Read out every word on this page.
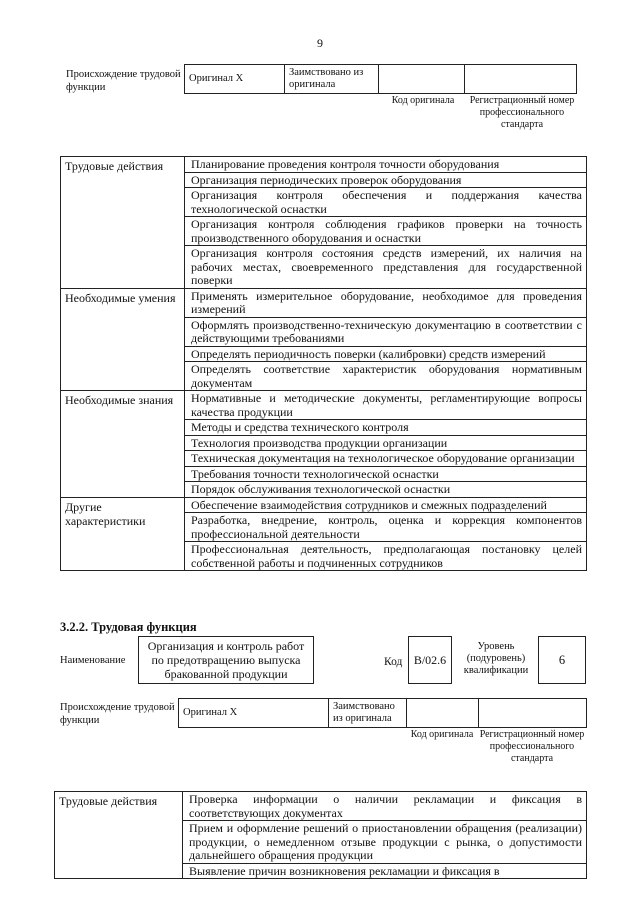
9
Происхождение трудовой функции
Оригинал X	Заимствовано из оригинала		
Код оригинала	Регистрационный номер профессионального стандарта
Трудовые действия	Планирование проведения контроля точности оборудования
	Организация периодических проверок оборудования
	Организация контроля обеспечения и поддержания качества технологической оснастки
	Организация контроля соблюдения графиков проверки на точность производственного оборудования и оснастки
	Организация контроля состояния средств измерений, их наличия на рабочих местах, своевременного представления для государственной поверки
Необходимые умения	Применять измерительное оборудование, необходимое для проведения измерений
	Оформлять производственно-техническую документацию в соответствии с действующими требованиями
	Определять периодичность поверки (калибровки) средств измерений
	Определять соответствие характеристик оборудования нормативным документам
Необходимые знания	Нормативные и методические документы, регламентирующие вопросы качества продукции
	Методы и средства технического контроля
	Технология производства продукции организации
	Техническая документация на технологическое оборудование организации
	Требования точности технологической оснастки
	Порядок обслуживания технологической оснастки
Другие характеристики	Обеспечение взаимодействия сотрудников и смежных подразделений
	Разработка, внедрение, контроль, оценка и коррекция компонентов профессиональной деятельности
	Профессиональная деятельность, предполагающая постановку целей собственной работы и подчиненных сотрудников
3.2.2. Трудовая функция
Наименование
Организация и контроль работ по предотвращению выпуска бракованной продукции
Код B/02.6
Уровень (подуровень) квалификации
6
Происхождение трудовой функции
Оригинал X	Заимствовано из оригинала		
Код оригинала Регистрационный номер профессионального стандарта
Трудовые действия	Проверка информации о наличии рекламации и фиксация в соответствующих документах
Прием и оформление решений о приостановлении обращения (реализации) продукции, о немедленном отзыве продукции с рынка, о допустимости дальнейшего обращения продукции
Выявление причин возникновения рекламации и фиксация в
